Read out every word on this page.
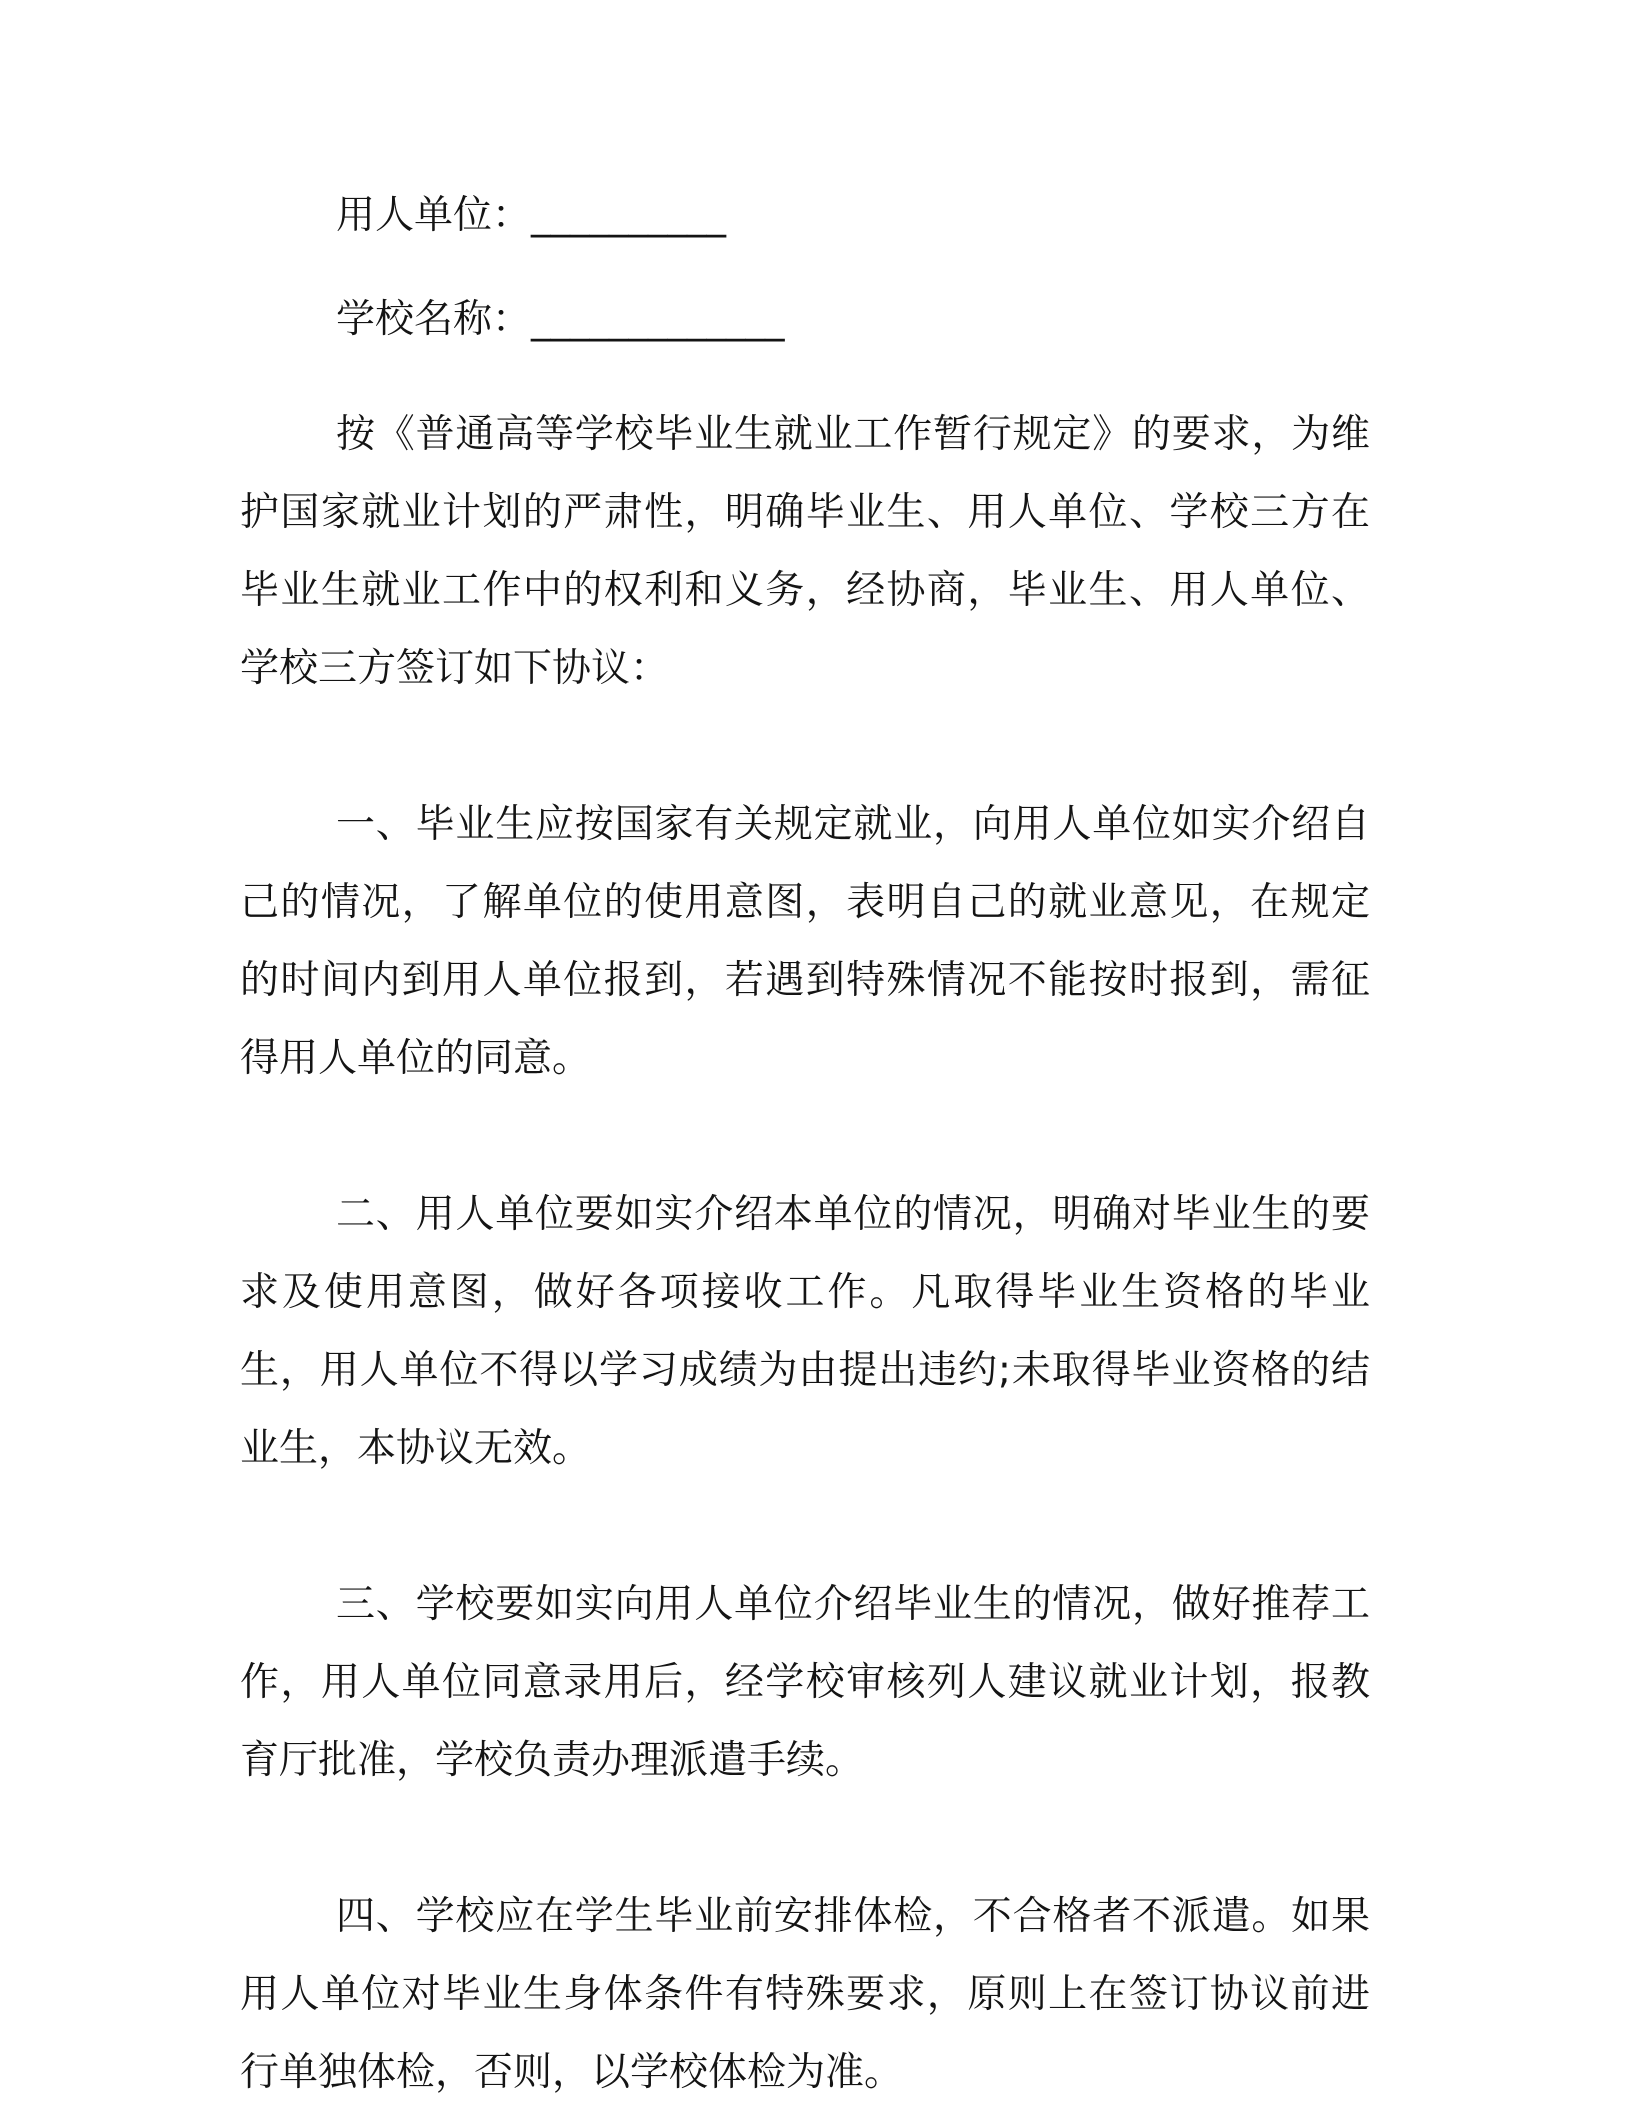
用人单位：__________

学校名称：_____________

按《普通高等学校毕业生就业工作暂行规定》的要求，为维护国家就业计划的严肃性，明确毕业生、用人单位、学校三方在毕业生就业工作中的权利和义务，经协商，毕业生、用人单位、学校三方签订如下协议：

一、毕业生应按国家有关规定就业，向用人单位如实介绍自己的情况，了解单位的使用意图，表明自己的就业意见，在规定的时间内到用人单位报到，若遇到特殊情况不能按时报到，需征得用人单位的同意。

二、用人单位要如实介绍本单位的情况，明确对毕业生的要求及使用意图，做好各项接收工作。凡取得毕业生资格的毕业生，用人单位不得以学习成绩为由提出违约;未取得毕业资格的结业生，本协议无效。

三、学校要如实向用人单位介绍毕业生的情况，做好推荐工作，用人单位同意录用后，经学校审核列人建议就业计划，报教育厅批准，学校负责办理派遣手续。

四、学校应在学生毕业前安排体检，不合格者不派遣。如果用人单位对毕业生身体条件有特殊要求，原则上在签订协议前进行单独体检，否则，以学校体检为准。
